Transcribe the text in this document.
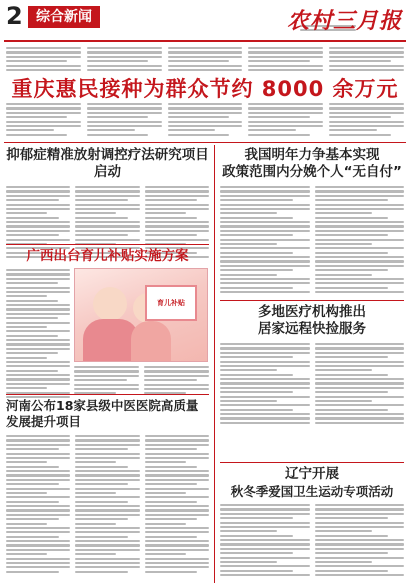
2 综合新闻	农村三月报
重庆惠民接种为群众节约 8000 余万元
抑郁症精准放射调控疗法研究项目启动
广西出台育儿补贴实施方案
育儿补贴
河南公布18家县级中医医院高质量发展提升项目
我国明年力争基本实现
政策范围内分娩个人“无自付”
多地医疗机构推出
居家远程快捡服务
辽宁开展
秋冬季爱国卫生运动专项活动
